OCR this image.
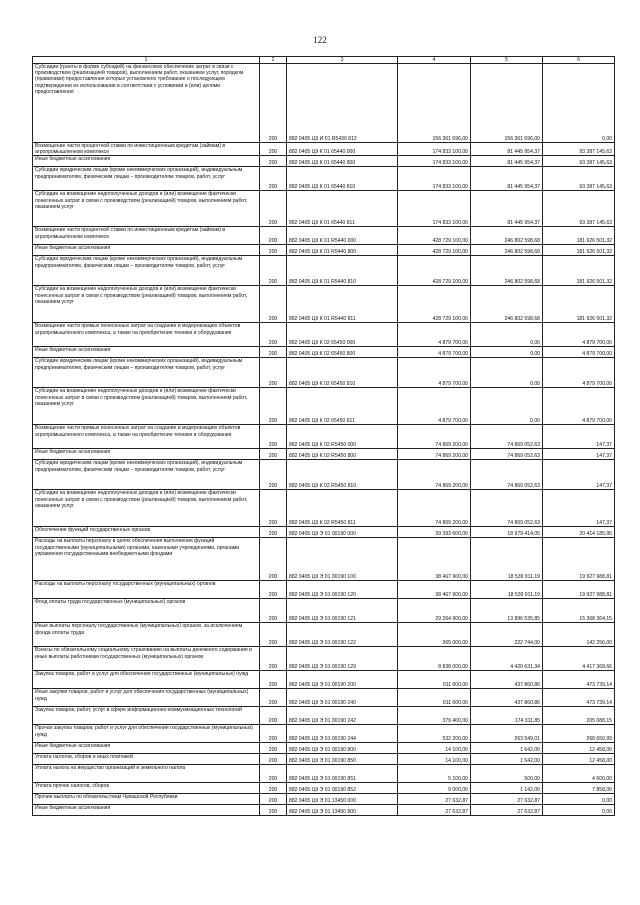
122
1	2	3	4	5	6
Субсидии (гранты в форме субсидий) на финансовое обеспечение затрат в связи с производством (реализацией товаров), выполнением работ, оказанием услуг, порядком (правилами) предоставления которых установлено требование о последующем подтверждении их использования в соответствии с условиями и (или) целями предоставления	200	882 0405 Ц9 И 01 R5430 812	156 361 696,00	156 361 696,00	0,00
Возмещение части процентной ставки по инвестиционным кредитам (займам) в агропромышленном комплексе	200	882 0405 Ц9 К 01 65440 000	174 833 100,00	81 445 954,37	93 387 145,63
Иные бюджетные ассигнования	200	882 0405 Ц9 К 01 65440 800	174 833 100,00	81 445 954,37	93 387 145,63
Субсидии юридическим лицам (кроме некоммерческих организаций), индивидуальным предпринимателям, физическим лицам – производителям товаров, работ, услуг	200	882 0405 Ц9 К 01 65440 810	174 833 100,00	81 445 954,37	93 387 145,63
Субсидии на возмещение недополученных доходов и (или) возмещение фактически понесенных затрат в связи с производством (реализацией) товаров, выполнением работ, оказанием услуг	200	882 0405 Ц9 К 01 65440 811	174 833 100,00	81 445 954,37	93 387 145,63
Возмещение части процентной ставки по инвестиционным кредитам (займам) в агропромышленном комплексе	200	882 0405 Ц9 К 01 R5440 000	428 729 100,00	246 802 598,68	181 926 501,32
Иные бюджетные ассигнования	200	882 0405 Ц9 К 01 R5440 800	428 729 100,00	246 802 598,68	181 926 501,32
Субсидии юридическим лицам (кроме некоммерческих организаций), индивидуальным предпринимателям, физическим лицам – производителям товаров, работ, услуг	200	882 0405 Ц9 К 01 R5440 810	428 729 100,00	246 802 598,68	181 926 501,32
Субсидии на возмещение недополученных доходов и (или) возмещение фактически понесенных затрат в связи с производством (реализацией) товаров, выполнением работ, оказанием услуг	200	882 0405 Ц9 К 01 R5440 811	428 729 100,00	246 802 598,68	181 926 501,32
Возмещение части прямых понесенных затрат на создание и модернизацию объектов агропромышленного комплекса, а также на приобретение техники и оборудования	200	882 0405 Ц9 К 02 65450 000	4 879 700,00	0,00	4 879 700,00
Иные бюджетные ассигнования	200	882 0405 Ц9 К 02 65450 800	4 879 700,00	0,00	4 879 700,00
Субсидии юридическим лицам (кроме некоммерческих организаций), индивидуальным предпринимателям, физическим лицам – производителям товаров, работ, услуг	200	882 0405 Ц9 К 02 65450 810	4 879 700,00	0,00	4 879 700,00
Субсидии на возмещение недополученных доходов и (или) возмещение фактически понесенных затрат в связи с производством (реализацией) товаров, выполнением работ, оказанием услуг	200	882 0405 Ц9 К 02 65450 811	4 879 700,00	0,00	4 879 700,00
Возмещение части прямых понесенных затрат на создание и модернизацию объектов агропромышленного комплекса, а также на приобретение техники и оборудования	200	882 0405 Ц9 К 02 R5450 000	74 869 200,00	74 869 052,63	147,37
Иные бюджетные ассигнования	200	882 0405 Ц9 К 02 R5450 800	74 869 200,00	74 869 052,63	147,37
Субсидии юридическим лицам (кроме некоммерческих организаций), индивидуальным предпринимателям, физическим лицам – производителям товаров, работ, услуг	200	882 0405 Ц9 К 02 R5450 810	74 869 200,00	74 869 052,63	147,37
Субсидии на возмещение недополученных доходов и (или) возмещение фактически понесенных затрат в связи с производством (реализацией) товаров, выполнением работ, оказанием услуг	200	882 0405 Ц9 К 02 R5450 811	74 869 200,00	74 869 052,63	147,37
Обеспечение функций государственных органов	200	882 0405 Ц9 Э 01 00190 000	39 393 600,00	18 979 414,05	20 414 185,95
Расходы на выплаты персоналу в целях обеспечения выполнения функций государственными (муниципальными) органами, казенными учреждениями, органами управления государственными внебюджетными фондами	200	882 0405 Ц9 Э 01 00190 100	38 467 900,00	18 539 911,19	19 927 988,81
Расходы на выплаты персоналу государственных (муниципальных) органов	200	882 0405 Ц9 Э 01 00190 120	38 467 900,00	18 539 911,19	19 927 988,81
Фонд оплаты труда государственных (муниципальных) органов	200	882 0405 Ц9 Э 01 00190 121	29 264 900,00	13 896 535,85	15 368 364,15
Иные выплаты персоналу государственных (муниципальных) органов, за исключением фонда оплаты труда	200	882 0405 Ц9 Э 01 00190 122	365 000,00	222 744,00	142 256,00
Взносы по обязательному социальному страхованию на выплаты денежного содержания и иные выплаты работникам государственных (муниципальных) органов	200	882 0405 Ц9 Э 01 00190 129	8 838 000,00	4 420 631,34	4 417 368,66
Закупка товаров, работ и услуг для обеспечения государственных (муниципальных) нужд	200	882 0405 Ц9 Э 01 00190 200	911 600,00	437 860,86	473 739,14
Иные закупки товаров, работ и услуг для обеспечения государственных (муниципальных) нужд	200	882 0405 Ц9 Э 01 00190 240	911 600,00	437 860,86	473 739,14
Закупка товаров, работ, услуг в сфере информационно-коммуникационных технологий	200	882 0405 Ц9 Э 01 00190 242	379 400,00	174 311,85	205 088,15
Прочая закупка товаров, работ и услуг для обеспечения государственных (муниципальных) нужд	200	882 0405 Ц9 Э 01 00190 244	532 200,00	263 549,01	268 650,99
Иные бюджетные ассигнования	200	882 0405 Ц9 Э 01 00190 800	14 100,00	1 642,00	12 458,00
Уплата налогов, сборов и иных платежей	200	882 0405 Ц9 Э 01 00190 850	14 100,00	1 642,00	12 458,00
Уплата налога на имущество организаций и земельного налога	200	882 0405 Ц9 Э 01 00190 851	5 100,00	500,00	4 600,00
Уплата прочих налогов, сборов	200	882 0405 Ц9 Э 01 00190 852	9 000,00	1 142,00	7 858,00
Прочие выплаты по обязательствам Чувашской Республики	200	882 0405 Ц9 Э 01 13450 000	27 632,87	27 632,87	0,00
Иные бюджетные ассигнования	200	882 0405 Ц9 Э 01 13450 800	27 632,87	27 632,87	0,00
